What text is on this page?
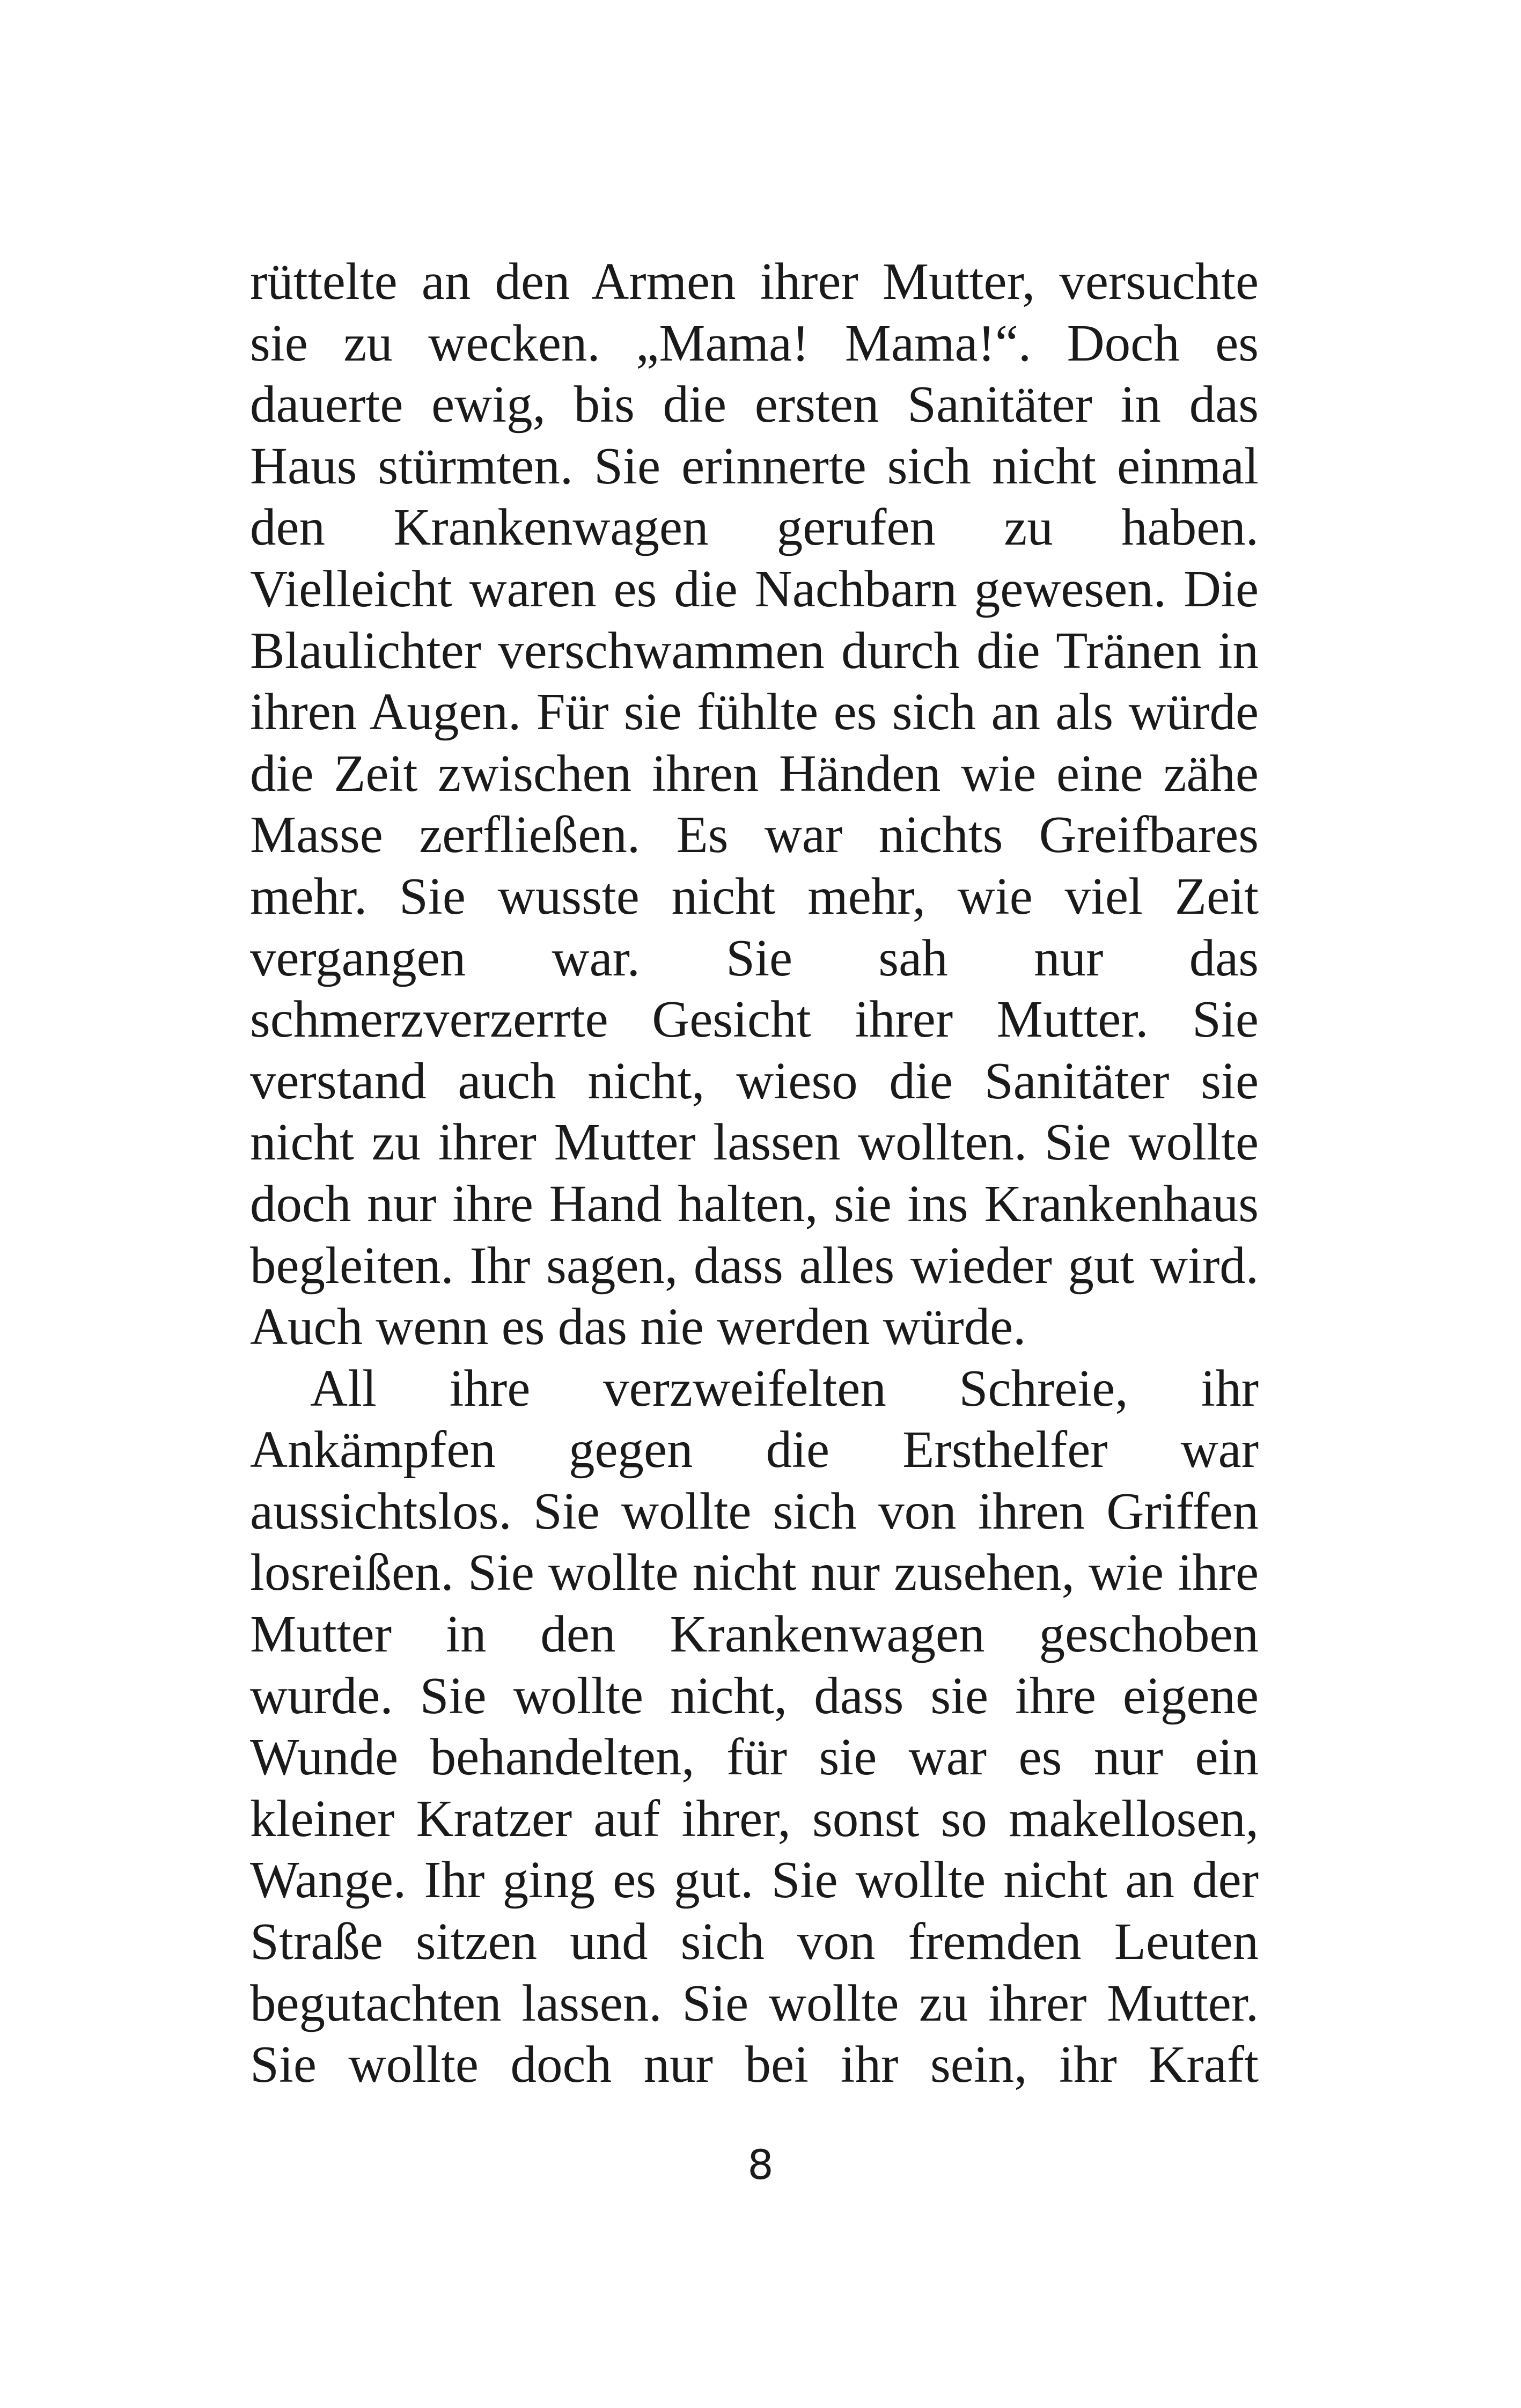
rüttelte an den Armen ihrer Mutter, versuchte
sie zu wecken. „Mama! Mama!“. Doch es
dauerte ewig, bis die ersten Sanitäter in das
Haus stürmten. Sie erinnerte sich nicht einmal
den Krankenwagen gerufen zu haben.
Vielleicht waren es die Nachbarn gewesen. Die
Blaulichter verschwammen durch die Tränen in
ihren Augen. Für sie fühlte es sich an als würde
die Zeit zwischen ihren Händen wie eine zähe
Masse zerfließen. Es war nichts Greifbares
mehr. Sie wusste nicht mehr, wie viel Zeit
vergangen war. Sie sah nur das
schmerzverzerrte Gesicht ihrer Mutter. Sie
verstand auch nicht, wieso die Sanitäter sie
nicht zu ihrer Mutter lassen wollten. Sie wollte
doch nur ihre Hand halten, sie ins Krankenhaus
begleiten. Ihr sagen, dass alles wieder gut wird.
Auch wenn es das nie werden würde.
All ihre verzweifelten Schreie, ihr
Ankämpfen gegen die Ersthelfer war
aussichtslos. Sie wollte sich von ihren Griffen
losreißen. Sie wollte nicht nur zusehen, wie ihre
Mutter in den Krankenwagen geschoben
wurde. Sie wollte nicht, dass sie ihre eigene
Wunde behandelten, für sie war es nur ein
kleiner Kratzer auf ihrer, sonst so makellosen,
Wange. Ihr ging es gut. Sie wollte nicht an der
Straße sitzen und sich von fremden Leuten
begutachten lassen. Sie wollte zu ihrer Mutter.
Sie wollte doch nur bei ihr sein, ihr Kraft
8
